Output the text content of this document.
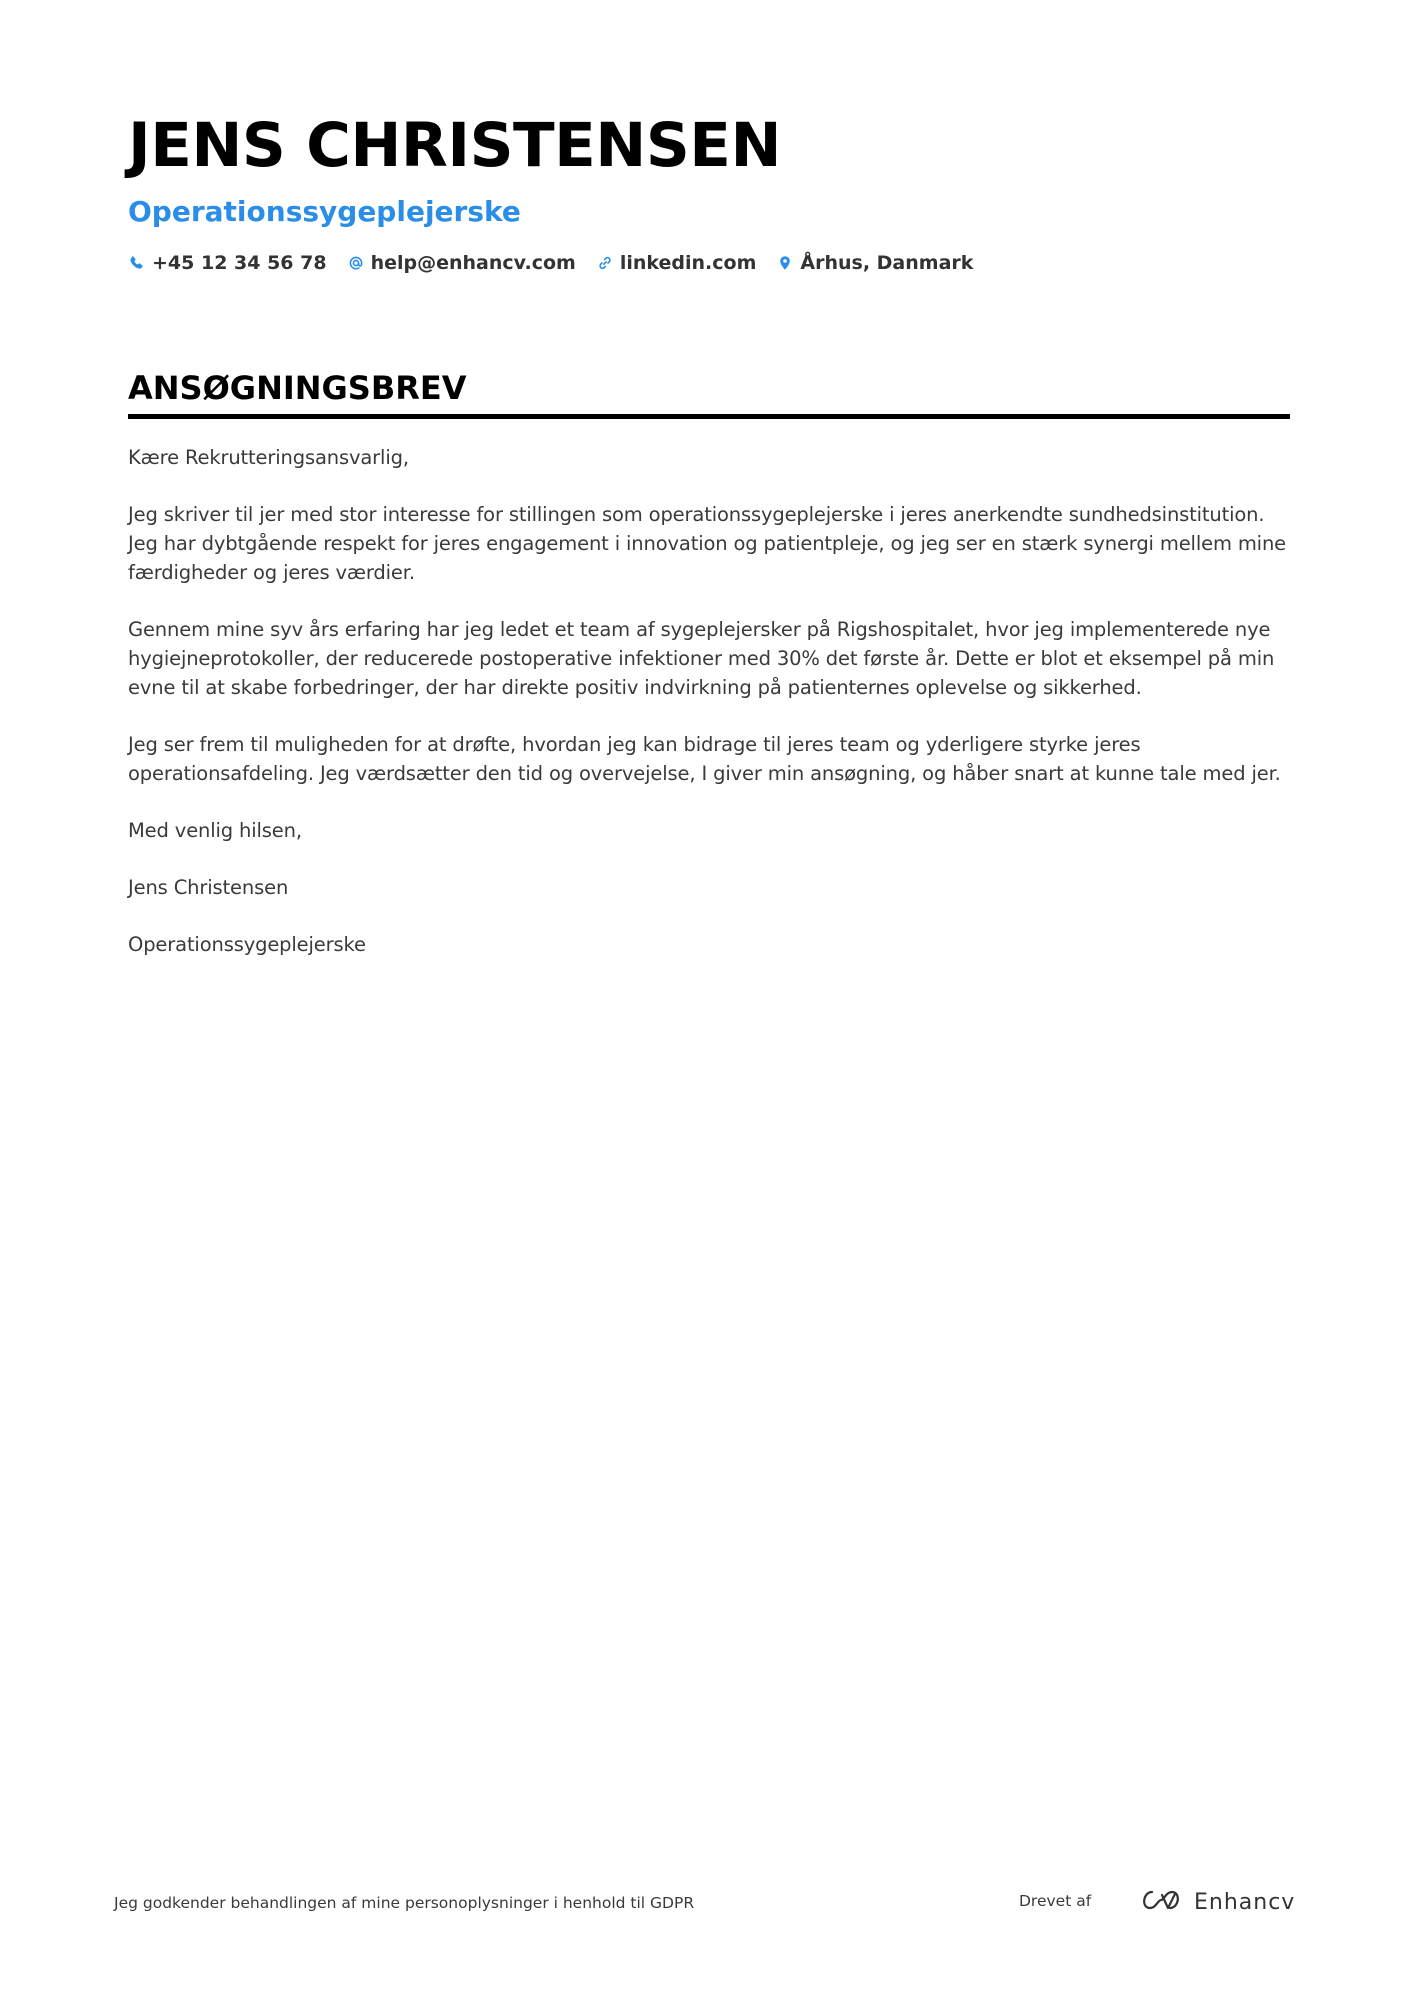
JENS CHRISTENSEN
Operationssygeplejerske
+45 12 34 56 78 help@enhancv.com linkedin.com Århus, Danmark
ANSØGNINGSBREV

Kære Rekrutteringsansvarlig,

Jeg skriver til jer med stor interesse for stillingen som operationssygeplejerske i jeres anerkendte sundhedsinstitution. Jeg har dybtgående respekt for jeres engagement i innovation og patientpleje, og jeg ser en stærk synergi mellem mine færdigheder og jeres værdier.

Gennem mine syv års erfaring har jeg ledet et team af sygeplejersker på Rigshospitalet, hvor jeg implementerede nye hygiejneprotokoller, der reducerede postoperative infektioner med 30% det første år. Dette er blot et eksempel på min evne til at skabe forbedringer, der har direkte positiv indvirkning på patienternes oplevelse og sikkerhed.

Jeg ser frem til muligheden for at drøfte, hvordan jeg kan bidrage til jeres team og yderligere styrke jeres operationsafdeling. Jeg værdsætter den tid og overvejelse, I giver min ansøgning, og håber snart at kunne tale med jer.

Med venlig hilsen,

Jens Christensen

Operationssygeplejerske

Jeg godkender behandlingen af mine personoplysninger i henhold til GDPR	Drevet af	Enhancv
